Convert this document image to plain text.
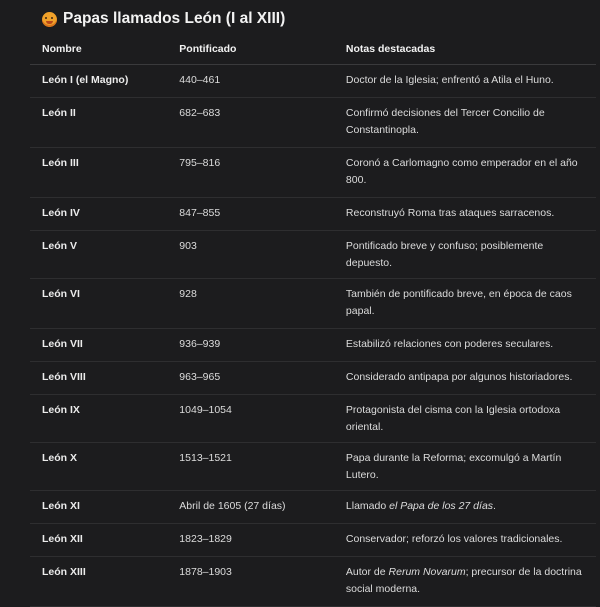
Papas llamados León (I al XIII)
Nombre	Pontificado	Notas destacadas
León I (el Magno)	440–461	Doctor de la Iglesia; enfrentó a Atila el Huno.
León II	682–683	Confirmó decisiones del Tercer Concilio de Constantinopla.
León III	795–816	Coronó a Carlomagno como emperador en el año 800.
León IV	847–855	Reconstruyó Roma tras ataques sarracenos.
León V	903	Pontificado breve y confuso; posiblemente depuesto.
León VI	928	También de pontificado breve, en época de caos papal.
León VII	936–939	Estabilizó relaciones con poderes seculares.
León VIII	963–965	Considerado antipapa por algunos historiadores.
León IX	1049–1054	Protagonista del cisma con la Iglesia ortodoxa oriental.
León X	1513–1521	Papa durante la Reforma; excomulgó a Martín Lutero.
León XI	Abril de 1605 (27 días)	Llamado el Papa de los 27 días.
León XII	1823–1829	Conservador; reforzó los valores tradicionales.
León XIII	1878–1903	Autor de Rerum Novarum; precursor de la doctrina social moderna.
